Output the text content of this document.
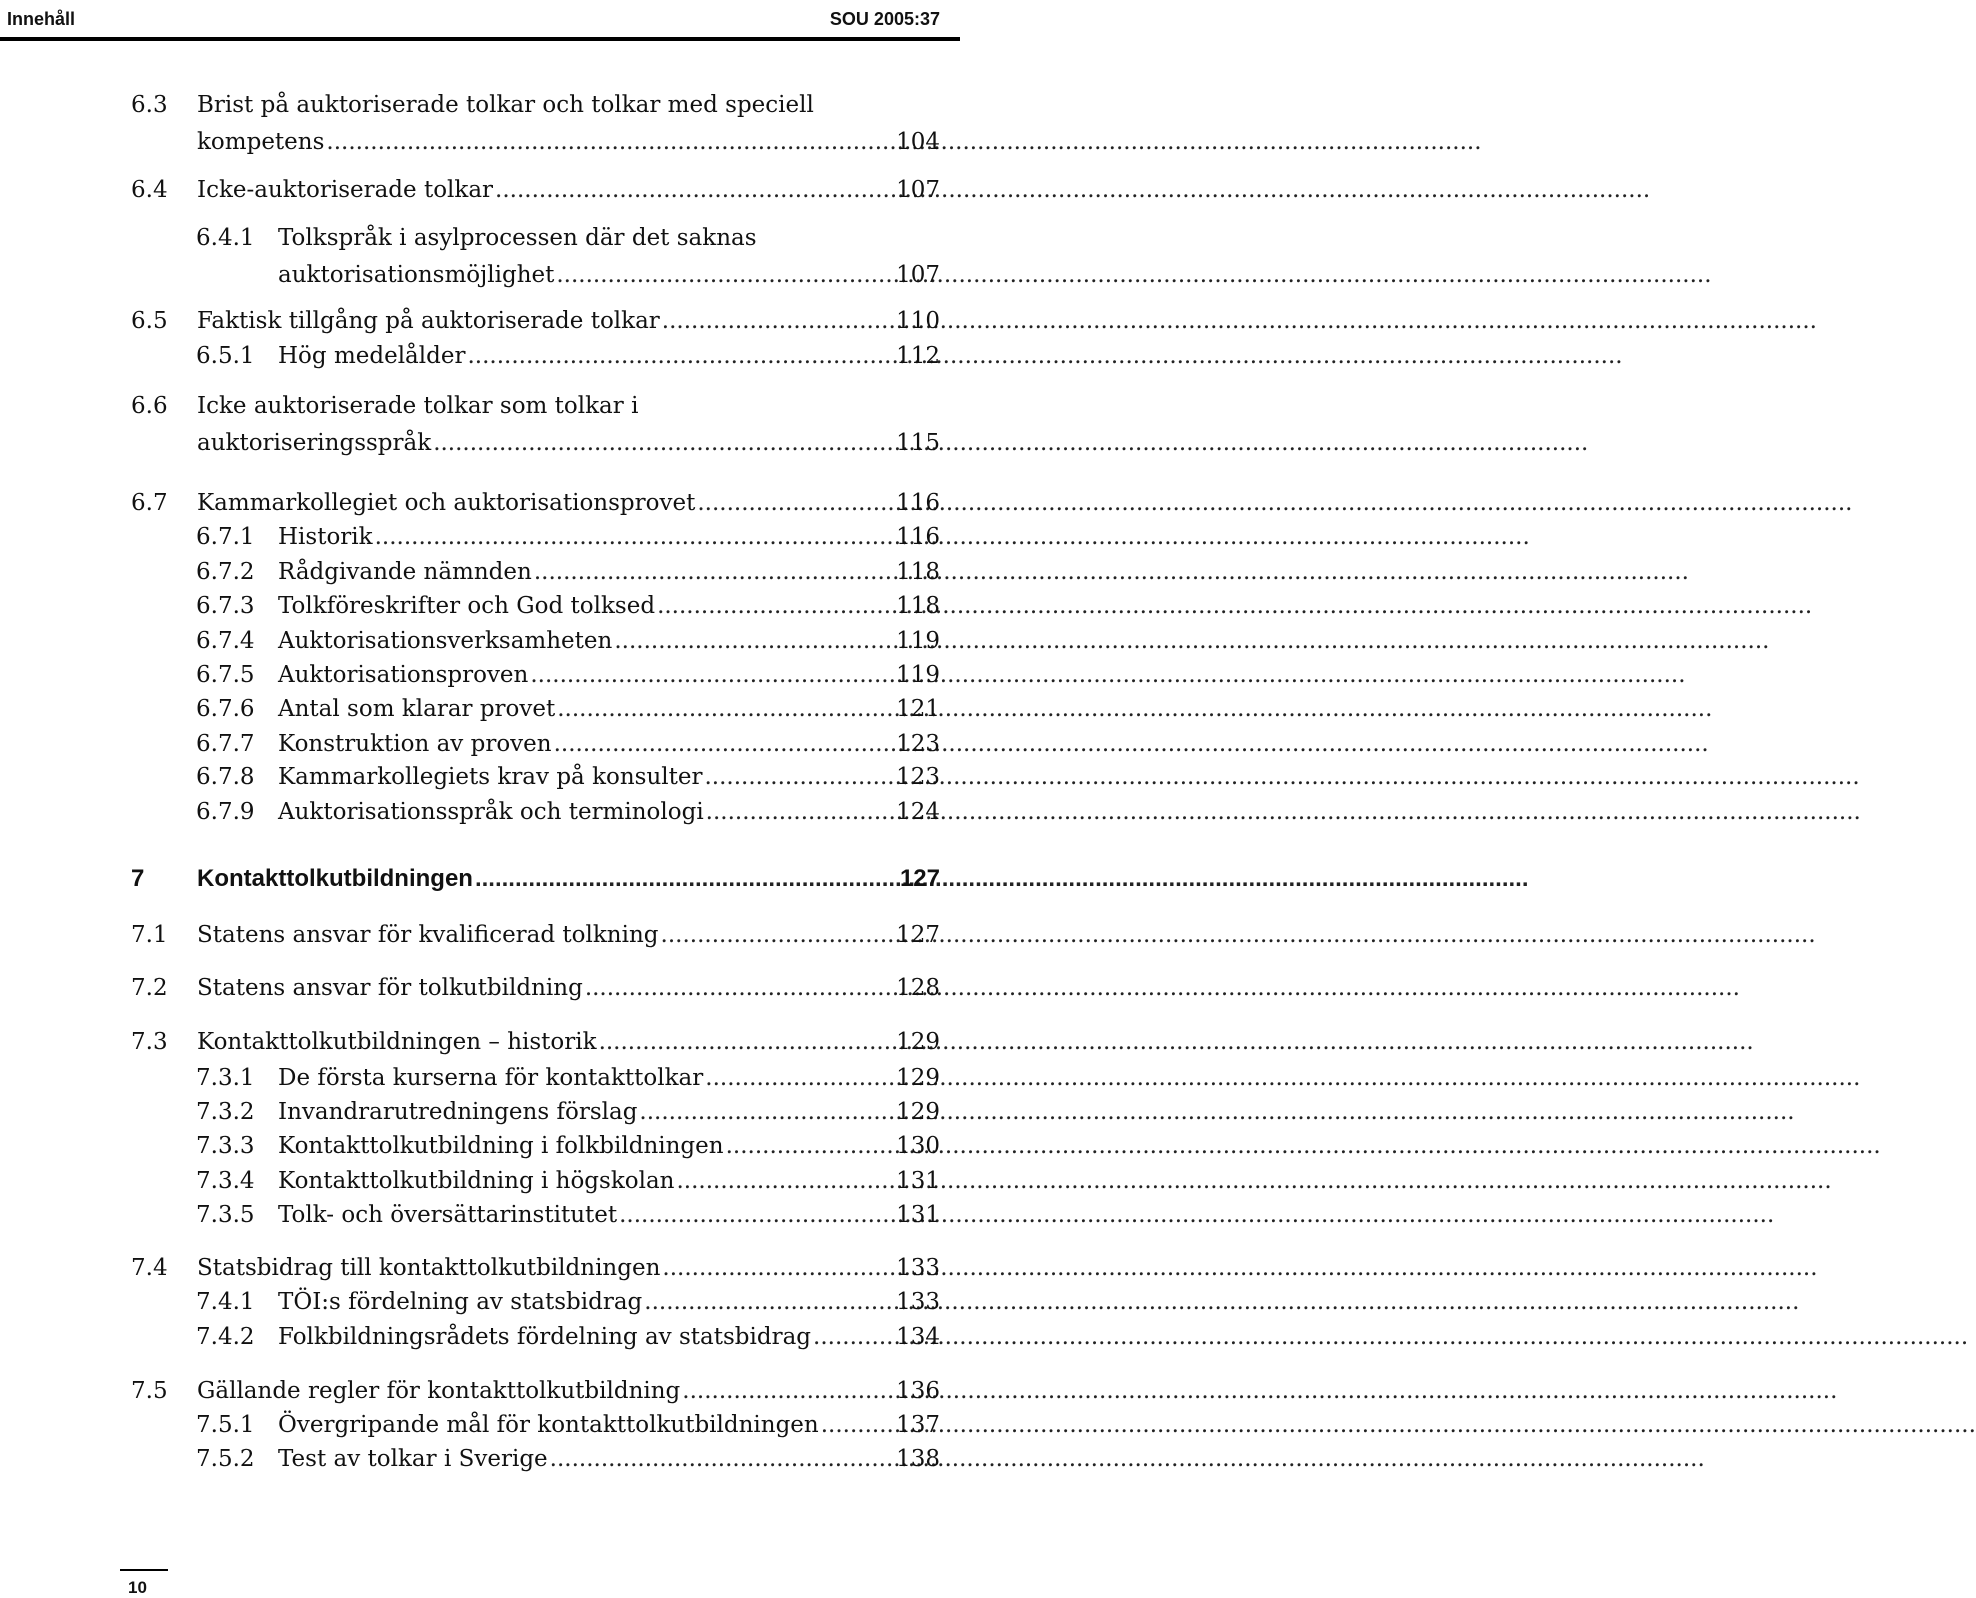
Innehåll	SOU 2005:37
6.3 Brist på auktoriserade tolkar och tolkar med speciell
kompetens .....	104
6.4 Icke-auktoriserade tolkar .....	107
6.4.1 Tolkspråk i asylprocessen där det saknas
auktorisationsmöjlighet .....	107
6.5 Faktisk tillgång på auktoriserade tolkar .....	110
6.5.1 Hög medelålder .....	112
6.6 Icke auktoriserade tolkar som tolkar i
auktoriseringsspråk .....	115
6.7 Kammarkollegiet och auktorisationsprovet .....	116
6.7.1 Historik .....	116
6.7.2 Rådgivande nämnden .....	118
6.7.3 Tolkföreskrifter och God tolksed .....	118
6.7.4 Auktorisationsverksamheten .....	119
6.7.5 Auktorisationsproven .....	119
6.7.6 Antal som klarar provet .....	121
6.7.7 Konstruktion av proven .....	123
6.7.8 Kammarkollegiets krav på konsulter .....	123
6.7.9 Auktorisationsspråk och terminologi .....	124
7 Kontakttolkutbildningen .....	127
7.1 Statens ansvar för kvalificerad tolkning .....	127
7.2 Statens ansvar för tolkutbildning .....	128
7.3 Kontakttolkutbildningen – historik .....	129
7.3.1 De första kurserna för kontakttolkar .....	129
7.3.2 Invandrarutredningens förslag .....	129
7.3.3 Kontakttolkutbildning i folkbildningen .....	130
7.3.4 Kontakttolkutbildning i högskolan .....	131
7.3.5 Tolk- och översättarinstitutet .....	131
7.4 Statsbidrag till kontakttolkutbildningen .....	133
7.4.1 TÖI:s fördelning av statsbidrag .....	133
7.4.2 Folkbildningsrådets fördelning av statsbidrag .....	134
7.5 Gällande regler för kontakttolkutbildning .....	136
7.5.1 Övergripande mål för kontakttolkutbildningen .....	137
7.5.2 Test av tolkar i Sverige .....	138
10
